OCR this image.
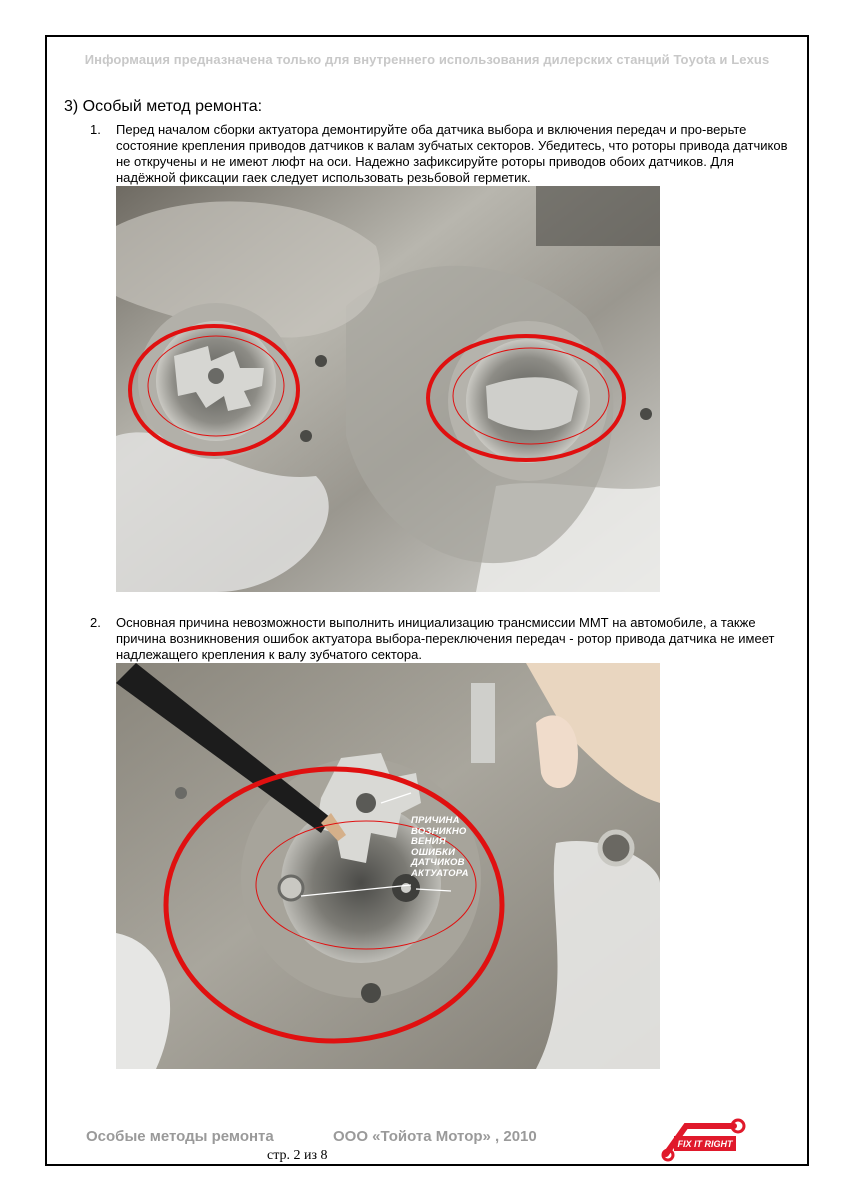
Информация предназначена только для внутреннего использования дилерских станций Toyota и Lexus
3) Особый метод ремонта:
1. Перед началом сборки актуатора демонтируйте оба датчика выбора и включения передач и про-верьте состояние крепления приводов датчиков к валам зубчатых секторов. Убедитесь, что роторы привода датчиков не откручены и не имеют люфт на оси. Надежно зафиксируйте роторы приводов обоих датчиков. Для надёжной фиксации гаек следует использовать резьбовой герметик.
2. Основная причина невозможности выполнить инициализацию трансмиссии ММТ на автомобиле, а также причина возникновения ошибок актуатора выбора-переключения передач - ротор привода датчика не имеет надлежащего крепления к валу зубчатого сектора.
ПРИЧИНА ВОЗНИКНО ВЕНИЯ ОШИБКИ ДАТЧИКОВ АКТУАТОРА
Особые методы ремонта	ООО «Тойота Мотор» , 2010
стр. 2 из 8
FIX IT RIGHT
